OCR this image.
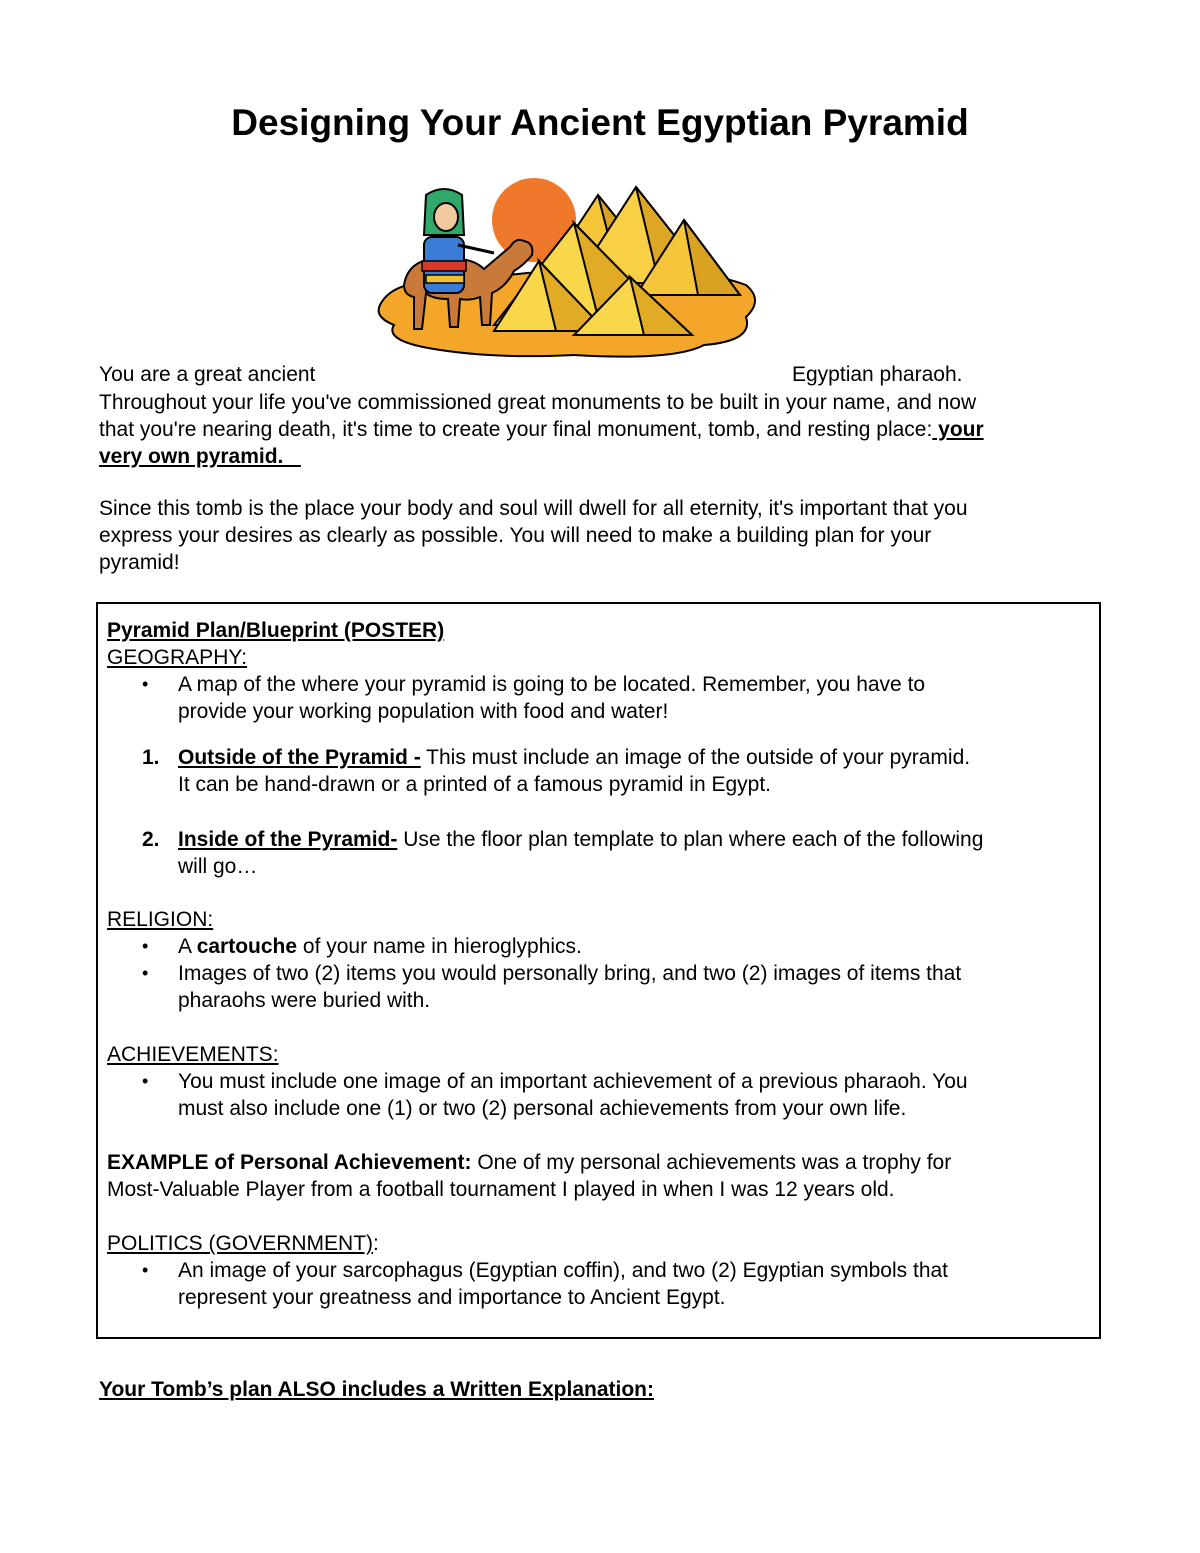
Designing Your Ancient Egyptian Pyramid
You are a great ancient	Egyptian pharaoh.
Throughout your life you've commissioned great monuments to be built in your name, and now
that you're nearing death, it's time to create your final monument, tomb, and resting place: your
very own pyramid.
Since this tomb is the place your body and soul will dwell for all eternity, it's important that you
express your desires as clearly as possible. You will need to make a building plan for your
pyramid!
Pyramid Plan/Blueprint (POSTER)
GEOGRAPHY:
• A map of the where your pyramid is going to be located. Remember, you have to
provide your working population with food and water!
1. Outside of the Pyramid - This must include an image of the outside of your pyramid.
It can be hand-drawn or a printed of a famous pyramid in Egypt.
2. Inside of the Pyramid- Use the floor plan template to plan where each of the following
will go…
RELIGION:
• A cartouche of your name in hieroglyphics.
• Images of two (2) items you would personally bring, and two (2) images of items that
pharaohs were buried with.
ACHIEVEMENTS:
• You must include one image of an important achievement of a previous pharaoh. You
must also include one (1) or two (2) personal achievements from your own life.
EXAMPLE of Personal Achievement: One of my personal achievements was a trophy for
Most-Valuable Player from a football tournament I played in when I was 12 years old.
POLITICS (GOVERNMENT):
• An image of your sarcophagus (Egyptian coffin), and two (2) Egyptian symbols that
represent your greatness and importance to Ancient Egypt.
Your Tomb’s plan ALSO includes a Written Explanation:
